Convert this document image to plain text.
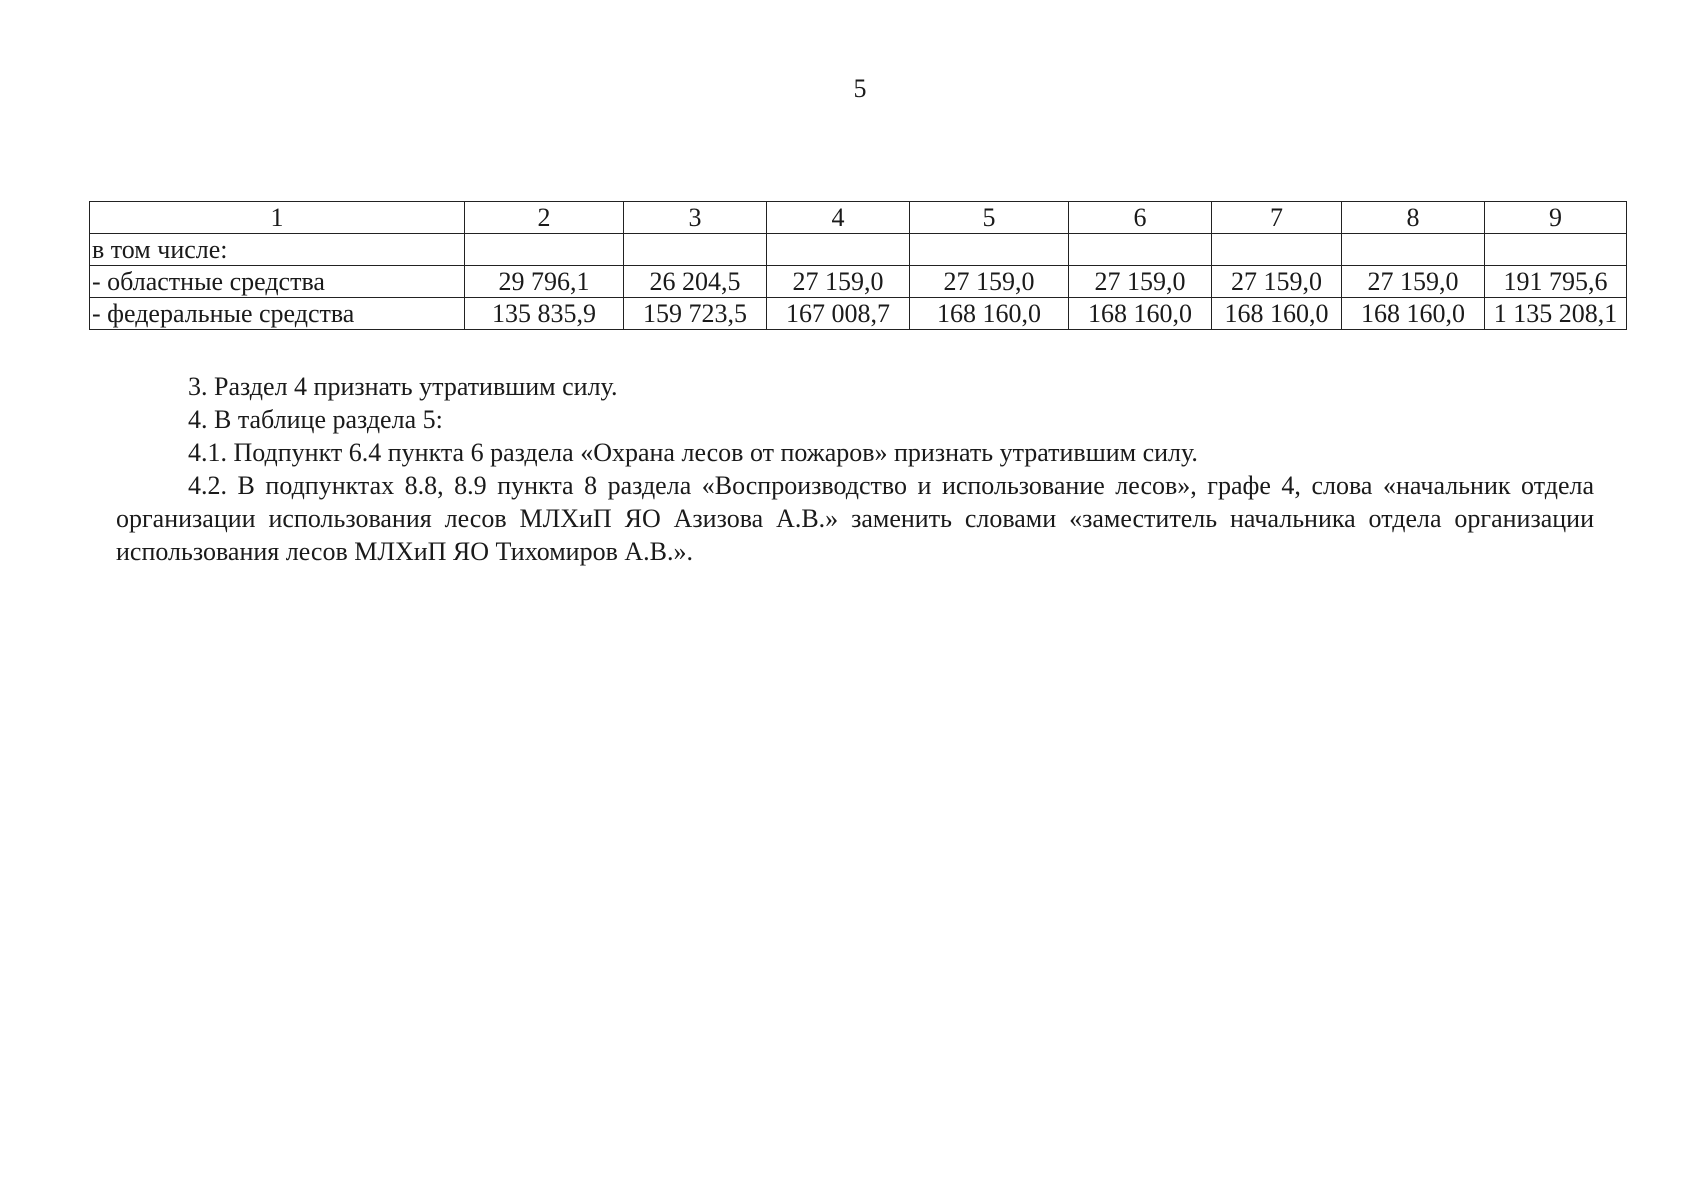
5
1	2	3	4	5	6	7	8	9
в том числе:								
- областные средства	29 796,1	26 204,5	27 159,0	27 159,0	27 159,0	27 159,0	27 159,0	191 795,6
- федеральные средства	135 835,9	159 723,5	167 008,7	168 160,0	168 160,0	168 160,0	168 160,0	1 135 208,1

3. Раздел 4 признать утратившим силу.

4. В таблице раздела 5:

4.1. Подпункт 6.4 пункта 6 раздела «Охрана лесов от пожаров» признать утратившим силу.

4.2. В подпунктах 8.8, 8.9 пункта 8 раздела «Воспроизводство и использование лесов», графе 4, слова «начальник отдела организации использования лесов МЛХиП ЯО Азизова А.В.» заменить словами «заместитель начальника отдела организации использования лесов МЛХиП ЯО Тихомиров А.В.».
